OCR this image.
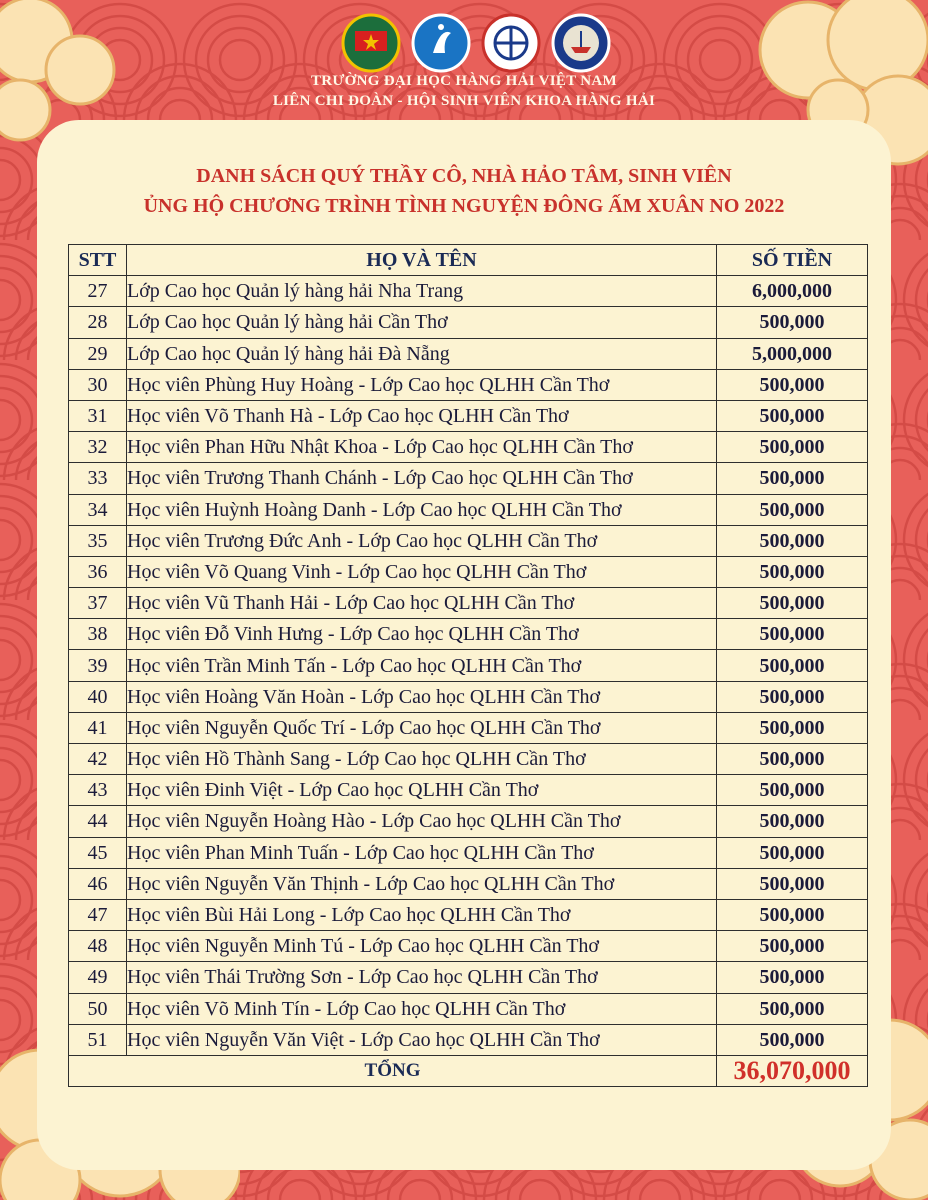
TRƯỜNG ĐẠI HỌC HÀNG HẢI VIỆT NAM
LIÊN CHI ĐOÀN - HỘI SINH VIÊN KHOA HÀNG HẢI
DANH SÁCH QUÝ THẦY CÔ, NHÀ HẢO TÂM, SINH VIÊN
ỦNG HỘ CHƯƠNG TRÌNH TÌNH NGUYỆN ĐÔNG ẤM XUÂN NO 2022
STT	HỌ VÀ TÊN	SỐ TIỀN
27	Lớp Cao học Quản lý hàng hải Nha Trang	6,000,000
28	Lớp Cao học Quản lý hàng hải Cần Thơ	500,000
29	Lớp Cao học Quản lý hàng hải Đà Nẵng	5,000,000
30	Học viên Phùng Huy Hoàng - Lớp Cao học QLHH Cần Thơ	500,000
31	Học viên Võ Thanh Hà - Lớp Cao học QLHH Cần Thơ	500,000
32	Học viên Phan Hữu Nhật Khoa - Lớp Cao học QLHH Cần Thơ	500,000
33	Học viên Trương Thanh Chánh - Lớp Cao học QLHH Cần Thơ	500,000
34	Học viên Huỳnh Hoàng Danh - Lớp Cao học QLHH Cần Thơ	500,000
35	Học viên Trương Đức Anh - Lớp Cao học QLHH Cần Thơ	500,000
36	Học viên Võ Quang Vinh - Lớp Cao học QLHH Cần Thơ	500,000
37	Học viên Vũ Thanh Hải - Lớp Cao học QLHH Cần Thơ	500,000
38	Học viên Đỗ Vinh Hưng - Lớp Cao học QLHH Cần Thơ	500,000
39	Học viên Trần Minh Tấn - Lớp Cao học QLHH Cần Thơ	500,000
40	Học viên Hoàng Văn Hoàn - Lớp Cao học QLHH Cần Thơ	500,000
41	Học viên Nguyễn Quốc Trí - Lớp Cao học QLHH Cần Thơ	500,000
42	Học viên Hồ Thành Sang - Lớp Cao học QLHH Cần Thơ	500,000
43	Học viên Đinh Việt - Lớp Cao học QLHH Cần Thơ	500,000
44	Học viên Nguyễn Hoàng Hào - Lớp Cao học QLHH Cần Thơ	500,000
45	Học viên Phan Minh Tuấn - Lớp Cao học QLHH Cần Thơ	500,000
46	Học viên Nguyễn Văn Thịnh - Lớp Cao học QLHH Cần Thơ	500,000
47	Học viên Bùi Hải Long - Lớp Cao học QLHH Cần Thơ	500,000
48	Học viên Nguyễn Minh Tú - Lớp Cao học QLHH Cần Thơ	500,000
49	Học viên Thái Trường Sơn - Lớp Cao học QLHH Cần Thơ	500,000
50	Học viên Võ Minh Tín - Lớp Cao học QLHH Cần Thơ	500,000
51	Học viên Nguyễn Văn Việt - Lớp Cao học QLHH Cần Thơ	500,000
TỔNG		36,070,000
